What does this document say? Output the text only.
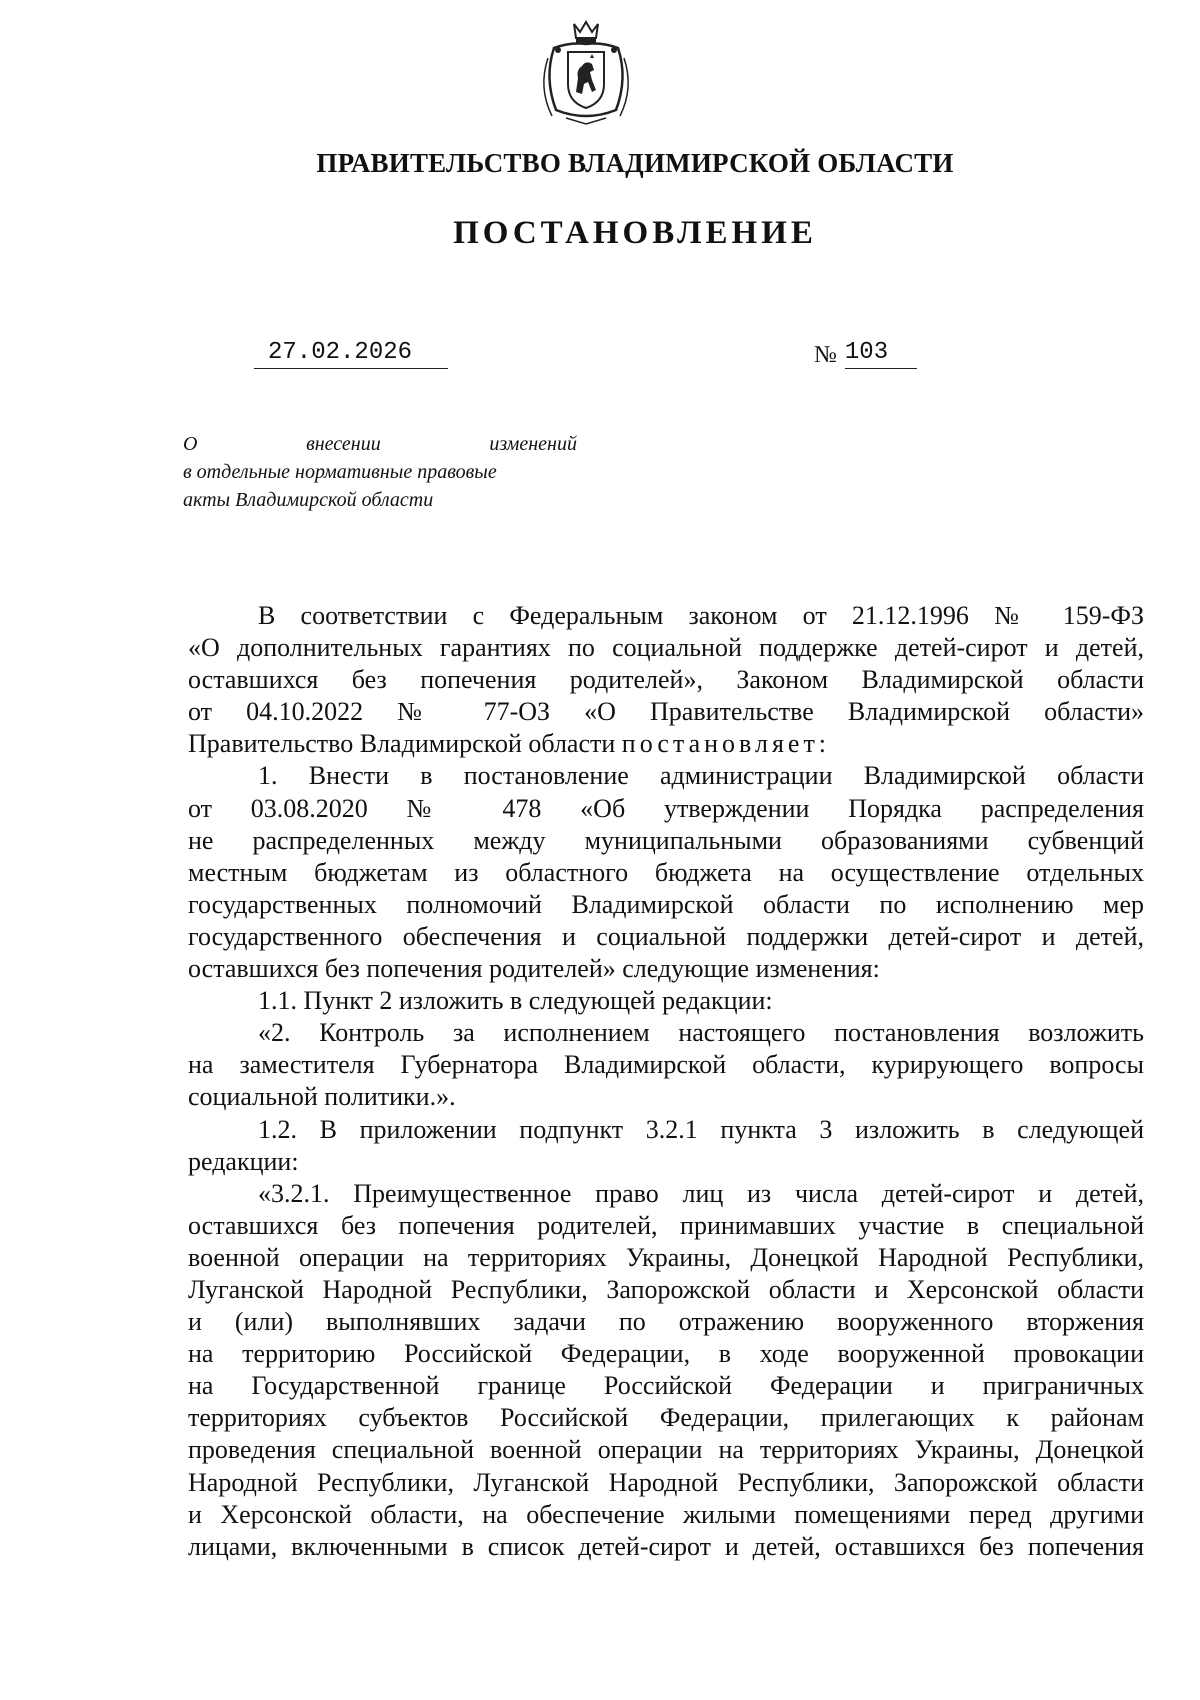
ПРАВИТЕЛЬСТВО ВЛАДИМИРСКОЙ ОБЛАСТИ
ПОСТАНОВЛЕНИЕ
27.02.2026	№ 103
О	внесении	изменений
в отдельные нормативные правовые
акты Владимирской области
В соответствии с Федеральным законом от 21.12.1996 № 159-ФЗ
«О дополнительных гарантиях по социальной поддержке детей-сирот и детей,
оставшихся без попечения родителей», Законом Владимирской области
от 04.10.2022 № 77-ОЗ «О Правительстве Владимирской области»
Правительство Владимирской области постановляет:
1. Внести в постановление администрации Владимирской области
от 03.08.2020 № 478 «Об утверждении Порядка распределения
не распределенных между муниципальными образованиями субвенций
местным бюджетам из областного бюджета на осуществление отдельных
государственных полномочий Владимирской области по исполнению мер
государственного обеспечения и социальной поддержки детей-сирот и детей,
оставшихся без попечения родителей» следующие изменения:
1.1. Пункт 2 изложить в следующей редакции:
«2. Контроль за исполнением настоящего постановления возложить
на заместителя Губернатора Владимирской области, курирующего вопросы
социальной политики.».
1.2. В приложении подпункт 3.2.1 пункта 3 изложить в следующей
редакции:
«3.2.1. Преимущественное право лиц из числа детей-сирот и детей,
оставшихся без попечения родителей, принимавших участие в специальной
военной операции на территориях Украины, Донецкой Народной Республики,
Луганской Народной Республики, Запорожской области и Херсонской области
и (или) выполнявших задачи по отражению вооруженного вторжения
на территорию Российской Федерации, в ходе вооруженной провокации
на Государственной границе Российской Федерации и приграничных
территориях субъектов Российской Федерации, прилегающих к районам
проведения специальной военной операции на территориях Украины, Донецкой
Народной Республики, Луганской Народной Республики, Запорожской области
и Херсонской области, на обеспечение жилыми помещениями перед другими
лицами, включенными в список детей-сирот и детей, оставшихся без попечения
